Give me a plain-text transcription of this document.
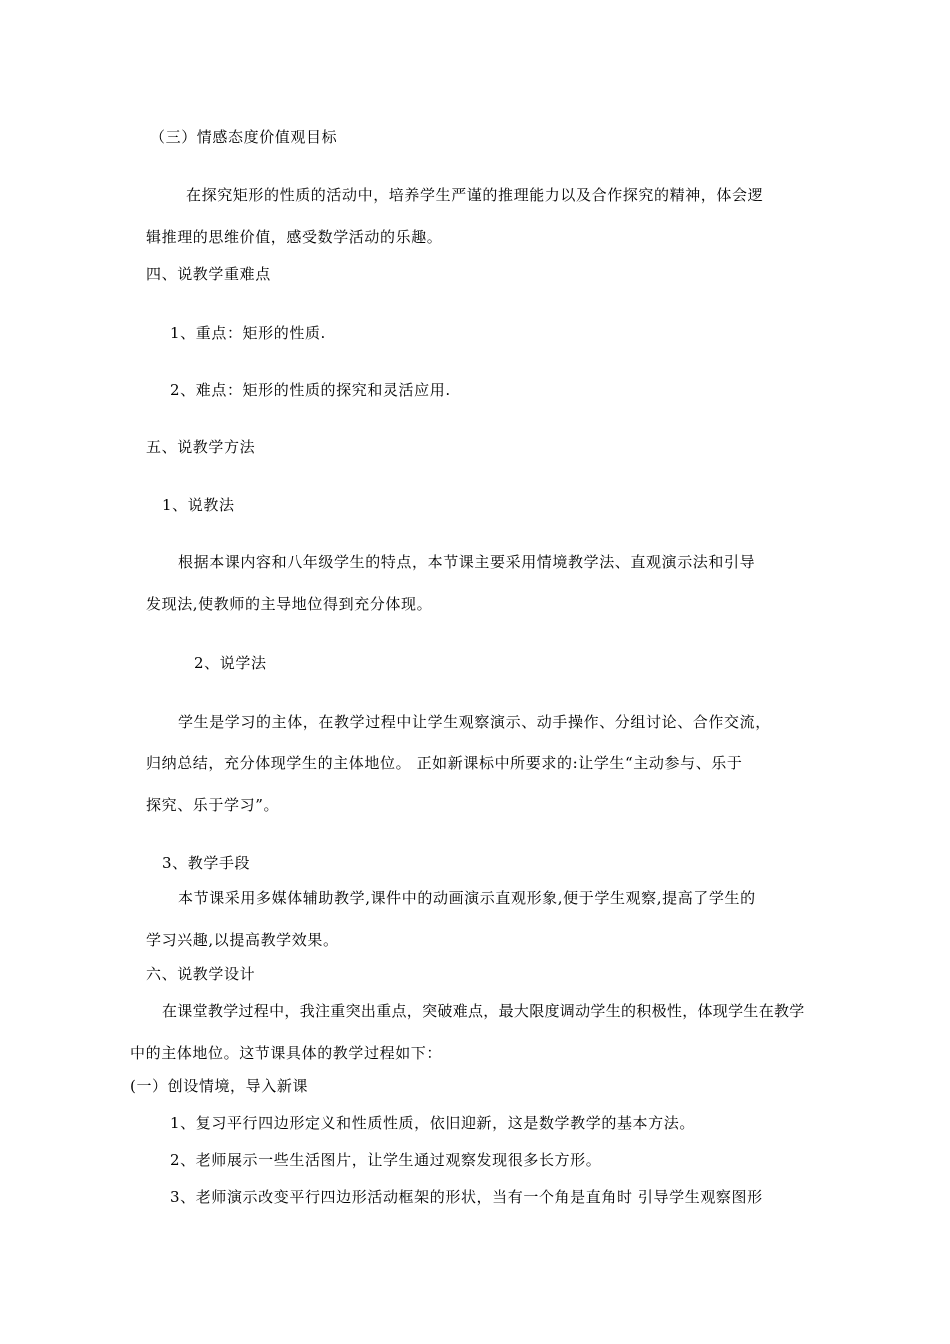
（三）情感态度价值观目标
在探究矩形的性质的活动中，培养学生严谨的推理能力以及合作探究的精神，体会逻
辑推理的思维价值，感受数学活动的乐趣。
四、说教学重难点
1、重点：矩形的性质.
2、难点：矩形的性质的探究和灵活应用.
五、说教学方法
1、说教法
根据本课内容和八年级学生的特点，本节课主要采用情境教学法、直观演示法和引导
发现法,使教师的主导地位得到充分体现。
2、说学法
学生是学习的主体，在教学过程中让学生观察演示、动手操作、分组讨论、合作交流，
归纳总结，充分体现学生的主体地位。 正如新课标中所要求的:让学生“主动参与、乐于
探究、乐于学习”。
3、教学手段
本节课采用多媒体辅助教学,课件中的动画演示直观形象,便于学生观察,提高了学生的
学习兴趣,以提高教学效果。
六、说教学设计
在课堂教学过程中，我注重突出重点，突破难点，最大限度调动学生的积极性，体现学生在教学
中的主体地位。这节课具体的教学过程如下：
(一）创设情境，导入新课
1、复习平行四边形定义和性质性质，依旧迎新，这是数学教学的基本方法。
2、老师展示一些生活图片，让学生通过观察发现很多长方形。
3、老师演示改变平行四边形活动框架的形状，当有一个角是直角时 引导学生观察图形
